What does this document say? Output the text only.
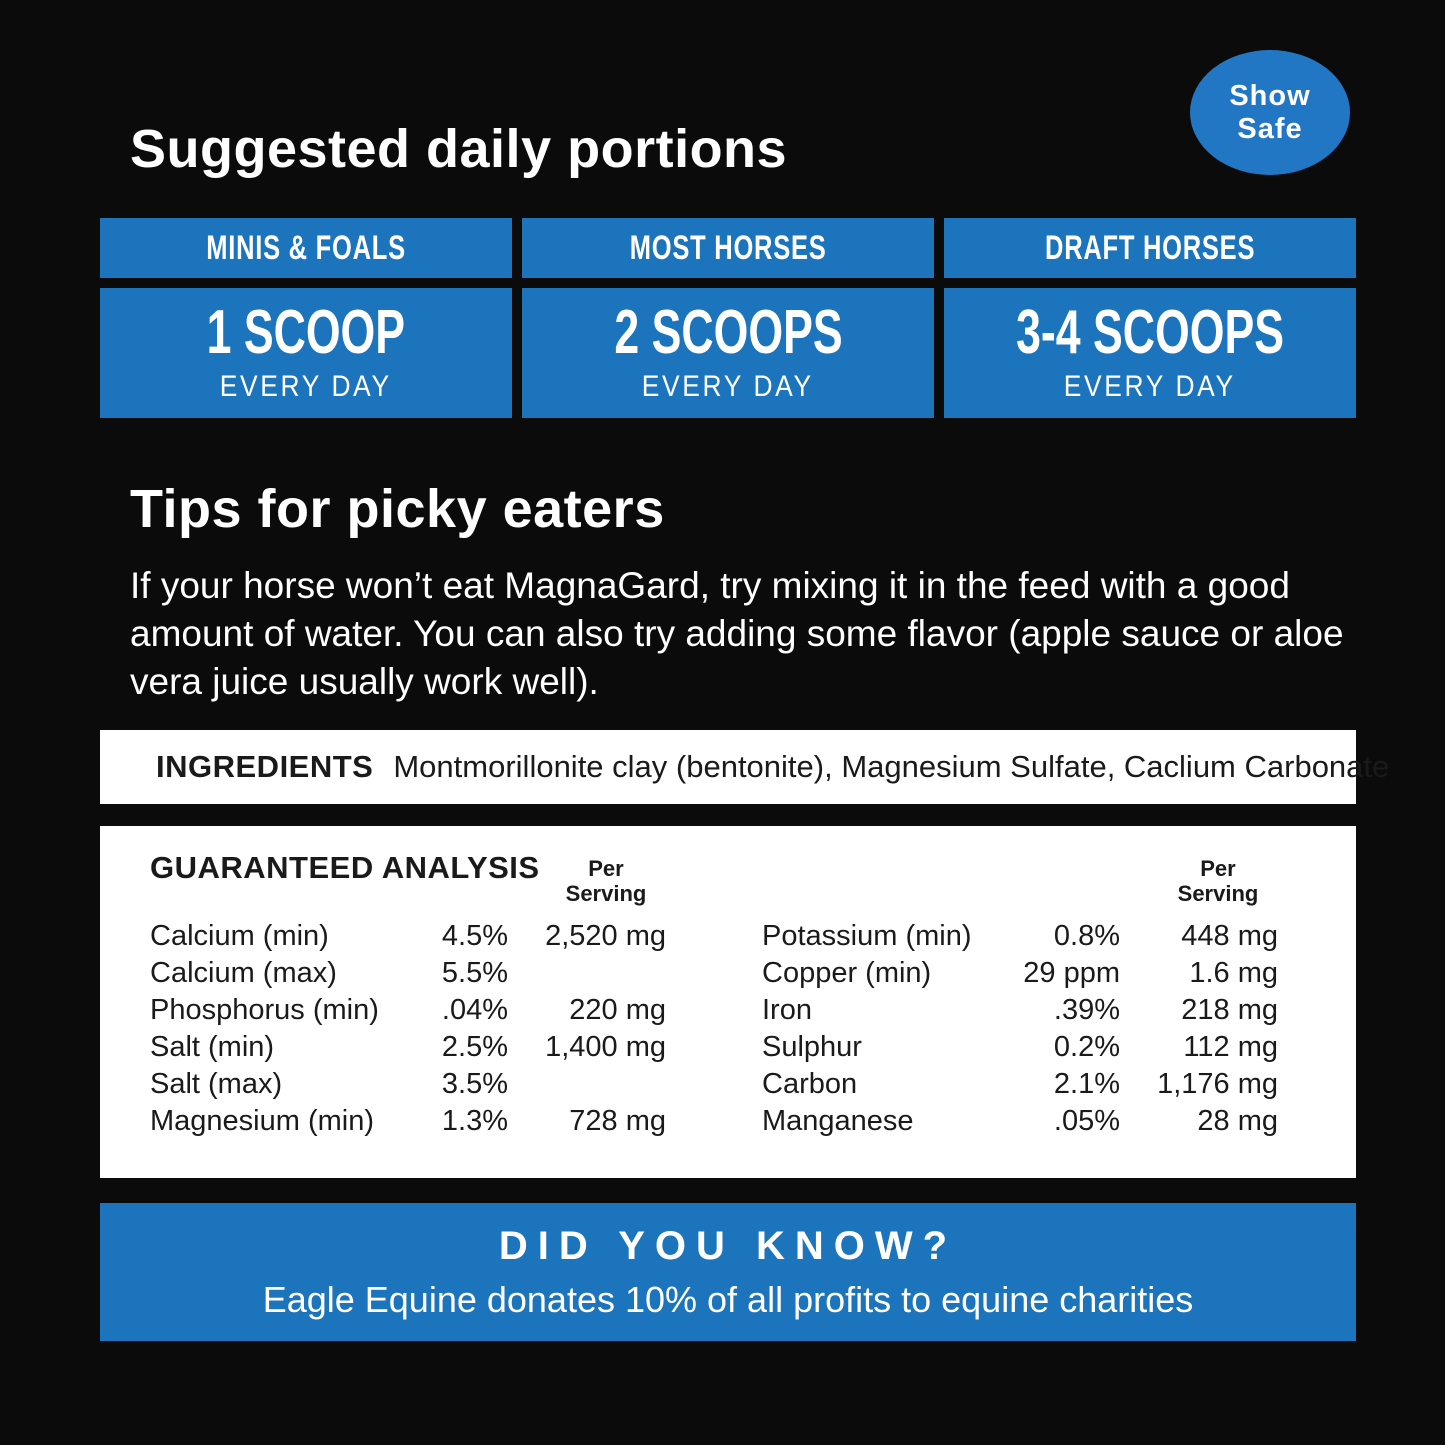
Show
Safe
Suggested daily portions
MINIS & FOALS	MOST HORSES	DRAFT HORSES
1 SCOOP
EVERY DAY
2 SCOOPS
EVERY DAY
3-4 SCOOPS
EVERY DAY
Tips for picky eaters
If your horse won’t eat MagnaGard, try mixing it in the feed with a good
amount of water. You can also try adding some flavor (apple sauce or aloe
vera juice usually work well).
INGREDIENTS Montmorillonite clay (bentonite), Magnesium Sulfate, Caclium Carbonate
GUARANTEED ANALYSIS	Per
Serving
Per
Serving
Calcium (min)	4.5%	2,520 mg
Calcium (max)	5.5%
Phosphorus (min)	.04%	220 mg
Salt (min)	2.5%	1,400 mg
Salt (max)	3.5%
Magnesium (min)	1.3%	728 mg
Potassium (min)	0.8%	448 mg
Copper (min)	29 ppm	1.6 mg
Iron	.39%	218 mg
Sulphur	0.2%	112 mg
Carbon	2.1%	1,176 mg
Manganese	.05%	28 mg
DID YOU KNOW?
Eagle Equine donates 10% of all profits to equine charities
